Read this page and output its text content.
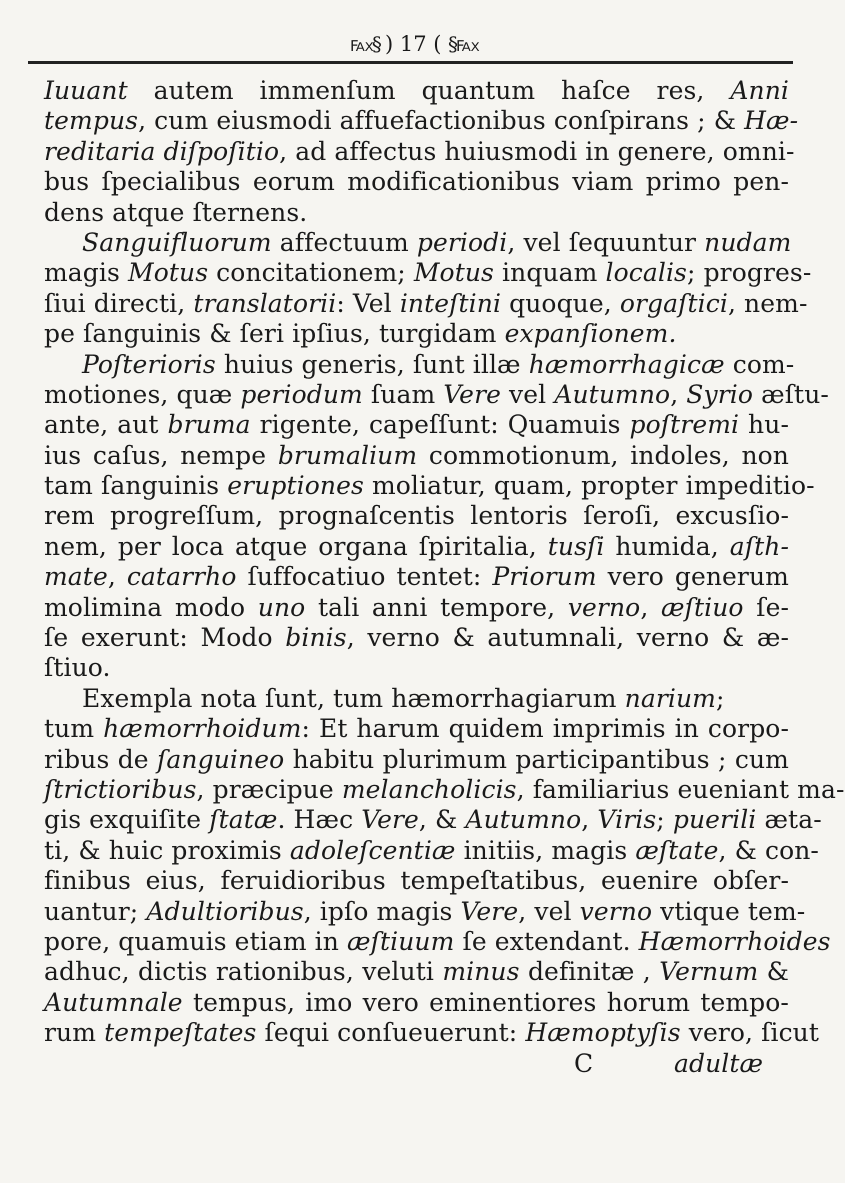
℻§ ) 17 ( §℻
Iuuant autem immenſum quantum haſce res, Anni
tempus, cum eiusmodi affuefactionibus conſpirans ; & Hæ-
reditaria diſpoſitio, ad affectus huiusmodi in genere, omni-
bus ſpecialibus eorum modificationibus viam primo pen-
dens atque ſternens.
Sanguifluorum affectuum periodi, vel ſequuntur nudam
magis Motus concitationem; Motus inquam localis; progres-
ſiui directi, translatorii: Vel inteſtini quoque, orgaſtici, nem-
pe ſanguinis & ſeri ipſius, turgidam expanſionem.
Poſterioris huius generis, ſunt illæ hæmorrhagicæ com-
motiones, quæ periodum ſuam Vere vel Autumno, Syrio æſtu-
ante, aut bruma rigente, capeſſunt: Quamuis poſtremi hu-
ius caſus, nempe brumalium commotionum, indoles, non
tam ſanguinis eruptiones moliatur, quam, propter impeditio-
rem progreſſum, prognaſcentis lentoris ſeroſi, excusſio-
nem, per loca atque organa ſpiritalia, tusſi humida, aſth-
mate, catarrho ſuffocatiuo tentet: Priorum vero generum
molimina modo uno tali anni tempore, verno, æſtiuo ſe-
ſe exerunt: Modo binis, verno & autumnali, verno & æ-
ſtiuo.
Exempla nota ſunt, tum hæmorrhagiarum narium;
tum hæmorrhoidum: Et harum quidem imprimis in corpo-
ribus de ſanguineo habitu plurimum participantibus ; cum
ſtrictioribus, præcipue melancholicis, familiarius eueniant ma-
gis exquiſite ſtatæ. Hæc Vere, & Autumno, Viris; puerili æta-
ti, & huic proximis adoleſcentiæ initiis, magis æſtate, & con-
finibus eius, feruidioribus tempeſtatibus, euenire obſer-
uantur; Adultioribus, ipſo magis Vere, vel verno vtique tem-
pore, quamuis etiam in æſtiuum ſe extendant. Hæmorrhoides
adhuc, dictis rationibus, veluti minus definitæ , Vernum &
Autumnale tempus, imo vero eminentiores horum tempo-
rum tempeſtates ſequi conſueuerunt: Hæmoptyſis vero, ſicut
C	adultæ
